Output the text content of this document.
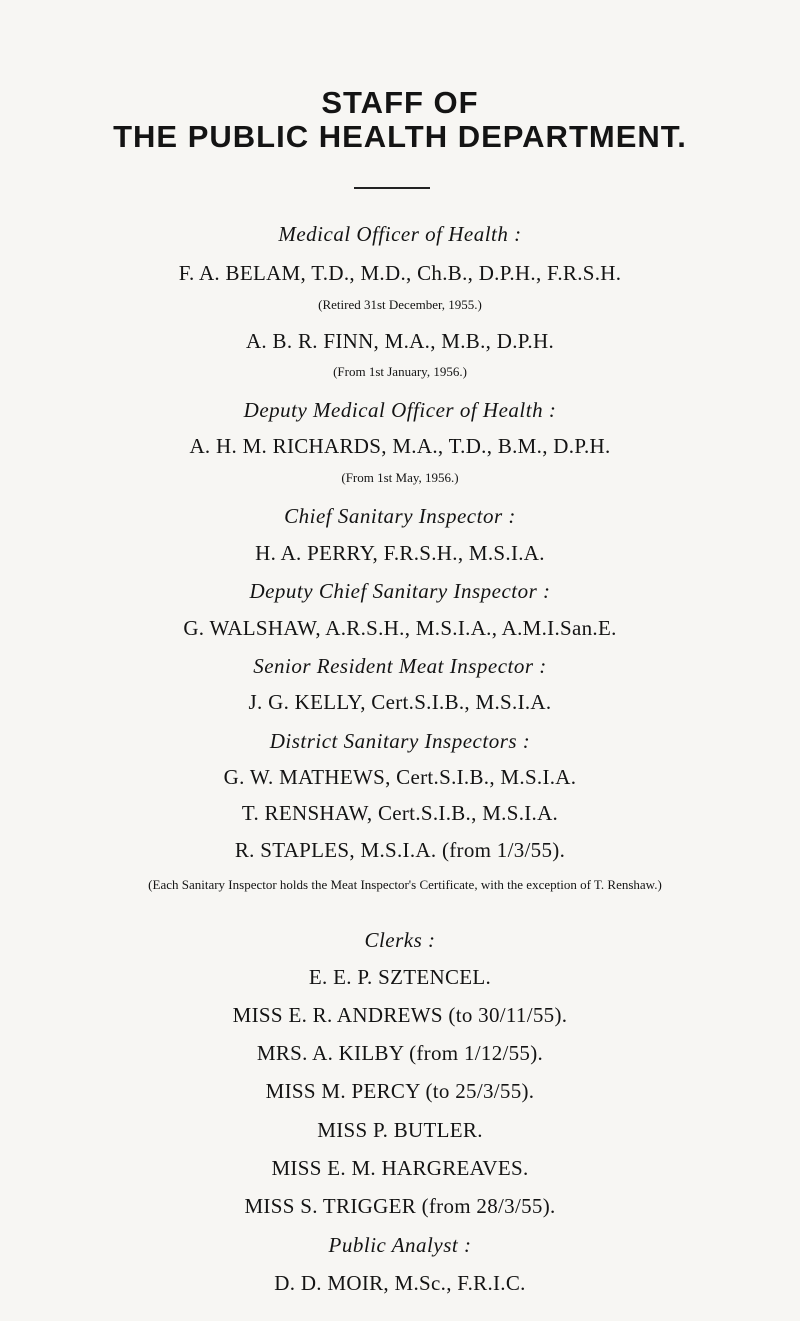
STAFF OF
THE PUBLIC HEALTH DEPARTMENT.
Medical Officer of Health :
F. A. BELAM, T.D., M.D., Ch.B., D.P.H., F.R.S.H.
(Retired 31st December, 1955.)
A. B. R. FINN, M.A., M.B., D.P.H.
(From 1st January, 1956.)
Deputy Medical Officer of Health :
A. H. M. RICHARDS, M.A., T.D., B.M., D.P.H.
(From 1st May, 1956.)
Chief Sanitary Inspector :
H. A. PERRY, F.R.S.H., M.S.I.A.
Deputy Chief Sanitary Inspector :
G. WALSHAW, A.R.S.H., M.S.I.A., A.M.I.San.E.
Senior Resident Meat Inspector :
J. G. KELLY, Cert.S.I.B., M.S.I.A.
District Sanitary Inspectors :
G. W. MATHEWS, Cert.S.I.B., M.S.I.A.
T. RENSHAW, Cert.S.I.B., M.S.I.A.
R. STAPLES, M.S.I.A. (from 1/3/55).
(Each Sanitary Inspector holds the Meat Inspector's Certificate, with the exception of T. Renshaw.)
Clerks :
E. E. P. SZTENCEL.
MISS E. R. ANDREWS (to 30/11/55).
MRS. A. KILBY (from 1/12/55).
MISS M. PERCY (to 25/3/55).
MISS P. BUTLER.
MISS E. M. HARGREAVES.
MISS S. TRIGGER (from 28/3/55).
Public Analyst :
D. D. MOIR, M.Sc., F.R.I.C.
